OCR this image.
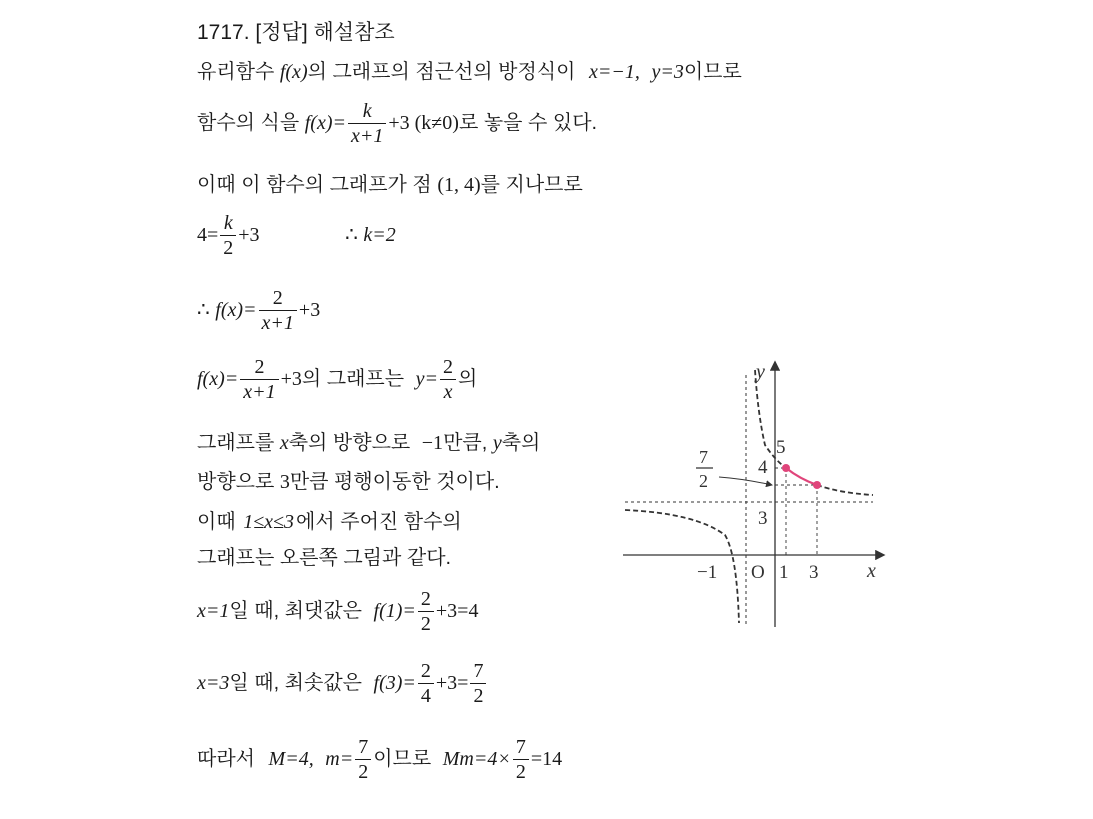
1717. [정답] 해설참조
유리함수 f(x)의 그래프의 점근선의 방정식이 x=−1, y=3이므로
함수의 식을 $f(x)= \frac{k}{x+1} +3$ (k≠0)로 놓을 수 있다.
이때 이 함수의 그래프가 점 (1, 4)를 지나므로
$4= \frac{k}{2} +3$	∴ k=2
∴ $f(x)= \frac{2}{x+1} +3$
$f(x)= \frac{2}{x+1} +3$의 그래프는 $y= \frac{2}{x}$ 의
그래프를 x축의 방향으로 −1만큼, y축의
방향으로 3만큼 평행이동한 것이다.
이때 1≤x≤3 에서 주어진 함수의
그래프는 오른쪽 그림과 같다.
x=1일 때, 최댓값은 $f(1)= \frac{2}{2} +3=4$
x=3일 때, 최솟값은 $f(3)= \frac{2}{4} +3= \frac{7}{2}$
따라서 M=4, $m= \frac{7}{2}$ 이므로 $Mm=4\times \frac{7}{2} =14$
y
x
O
−1	1 3
3
4
5
7
2
